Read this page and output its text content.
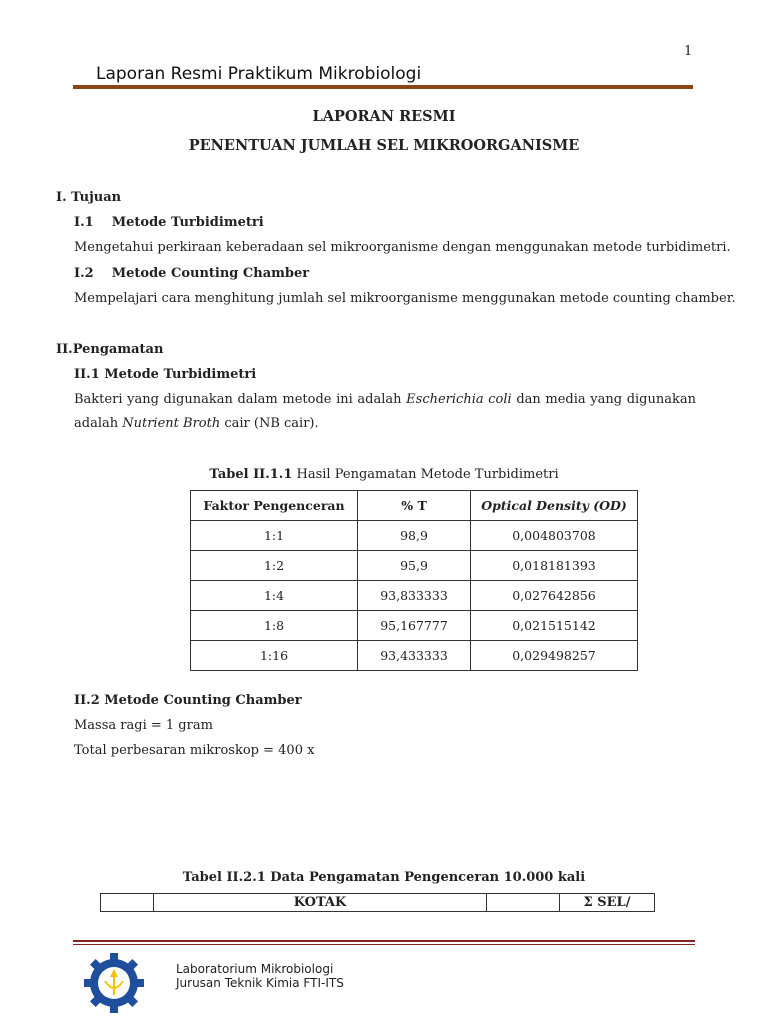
1
Laporan Resmi Praktikum Mikrobiologi
LAPORAN RESMI
PENENTUAN JUMLAH SEL MIKROORGANISME
I. Tujuan
I.1    Metode Turbidimetri
Mengetahui perkiraan keberadaan sel mikroorganisme dengan menggunakan metode turbidimetri.
I.2    Metode Counting Chamber
Mempelajari cara menghitung jumlah sel mikroorganisme menggunakan metode counting chamber.
II.Pengamatan
II.1 Metode Turbidimetri
Bakteri yang digunakan dalam metode ini adalah Escherichia coli dan media yang digunakan
adalah Nutrient Broth cair (NB cair).
Tabel II.1.1 Hasil Pengamatan Metode Turbidimetri
Faktor Pengenceran	% T	Optical Density (OD)
1:1	98,9	0,004803708
1:2	95,9	0,018181393
1:4	93,833333	0,027642856
1:8	95,167777	0,021515142
1:16	93,433333	0,029498257
II.2 Metode Counting Chamber
Massa ragi = 1 gram
Total perbesaran mikroskop = 400 x
Tabel II.2.1 Data Pengamatan Pengenceran 10.000 kali
	KOTAK		Σ SEL/
Laboratorium Mikrobiologi
Jurusan Teknik Kimia FTI-ITS
